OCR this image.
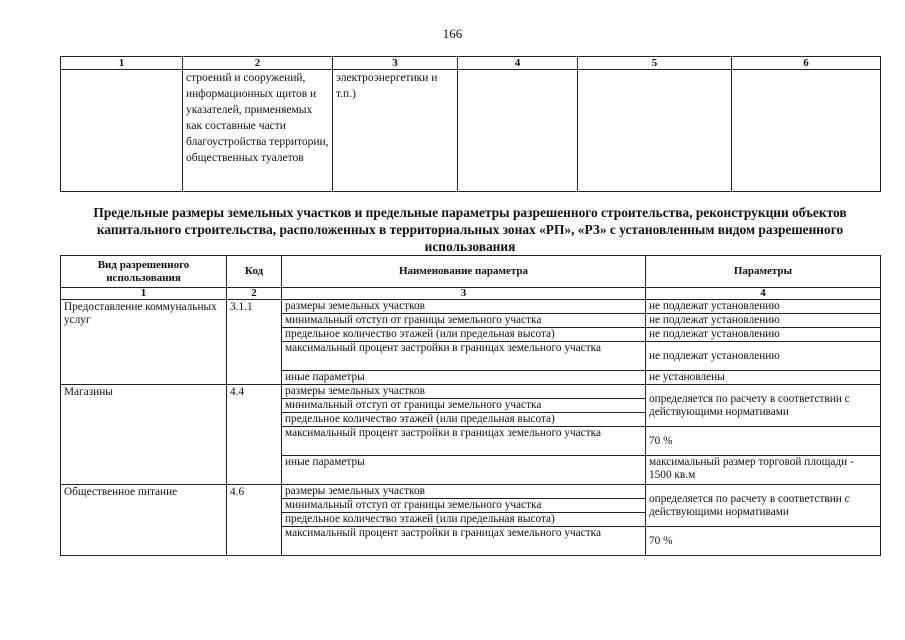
166
1	2	3	4	5	6
	строений и сооружений, информационных щитов и указателей, применяемых как составные части благоустройства территории, общественных туалетов	электроэнергетики и т.п.)			
Предельные размеры земельных участков и предельные параметры разрешенного строительства, реконструкции объектов капитального строительства, расположенных в территориальных зонах «РП», «РЗ» с установленным видом разрешенного использования
Вид разрешенного использования	Код	Наименование параметра	Параметры
1	2	3	4
Предоставление коммунальных услуг	3.1.1	размеры земельных участков	не подлежат установлению
		минимальный отступ от границы земельного участка	не подлежат установлению
		предельное количество этажей (или предельная высота)	не подлежат установлению
		максимальный процент застройки в границах земельного участка	не подлежат установлению
		иные параметры	не установлены
Магазины	4.4	размеры земельных участков	определяется по расчету в соответствии с действующими нормативами
		минимальный отступ от границы земельного участка	
		предельное количество этажей (или предельная высота)	
		максимальный процент застройки в границах земельного участка	70 %
		иные параметры	максимальный размер торговой площади - 1500 кв.м
Общественное питание	4.6	размеры земельных участков	определяется по расчету в соответствии с действующими нормативами
		минимальный отступ от границы земельного участка	
		предельное количество этажей (или предельная высота)	
		максимальный процент застройки в границах земельного участка	70 %
